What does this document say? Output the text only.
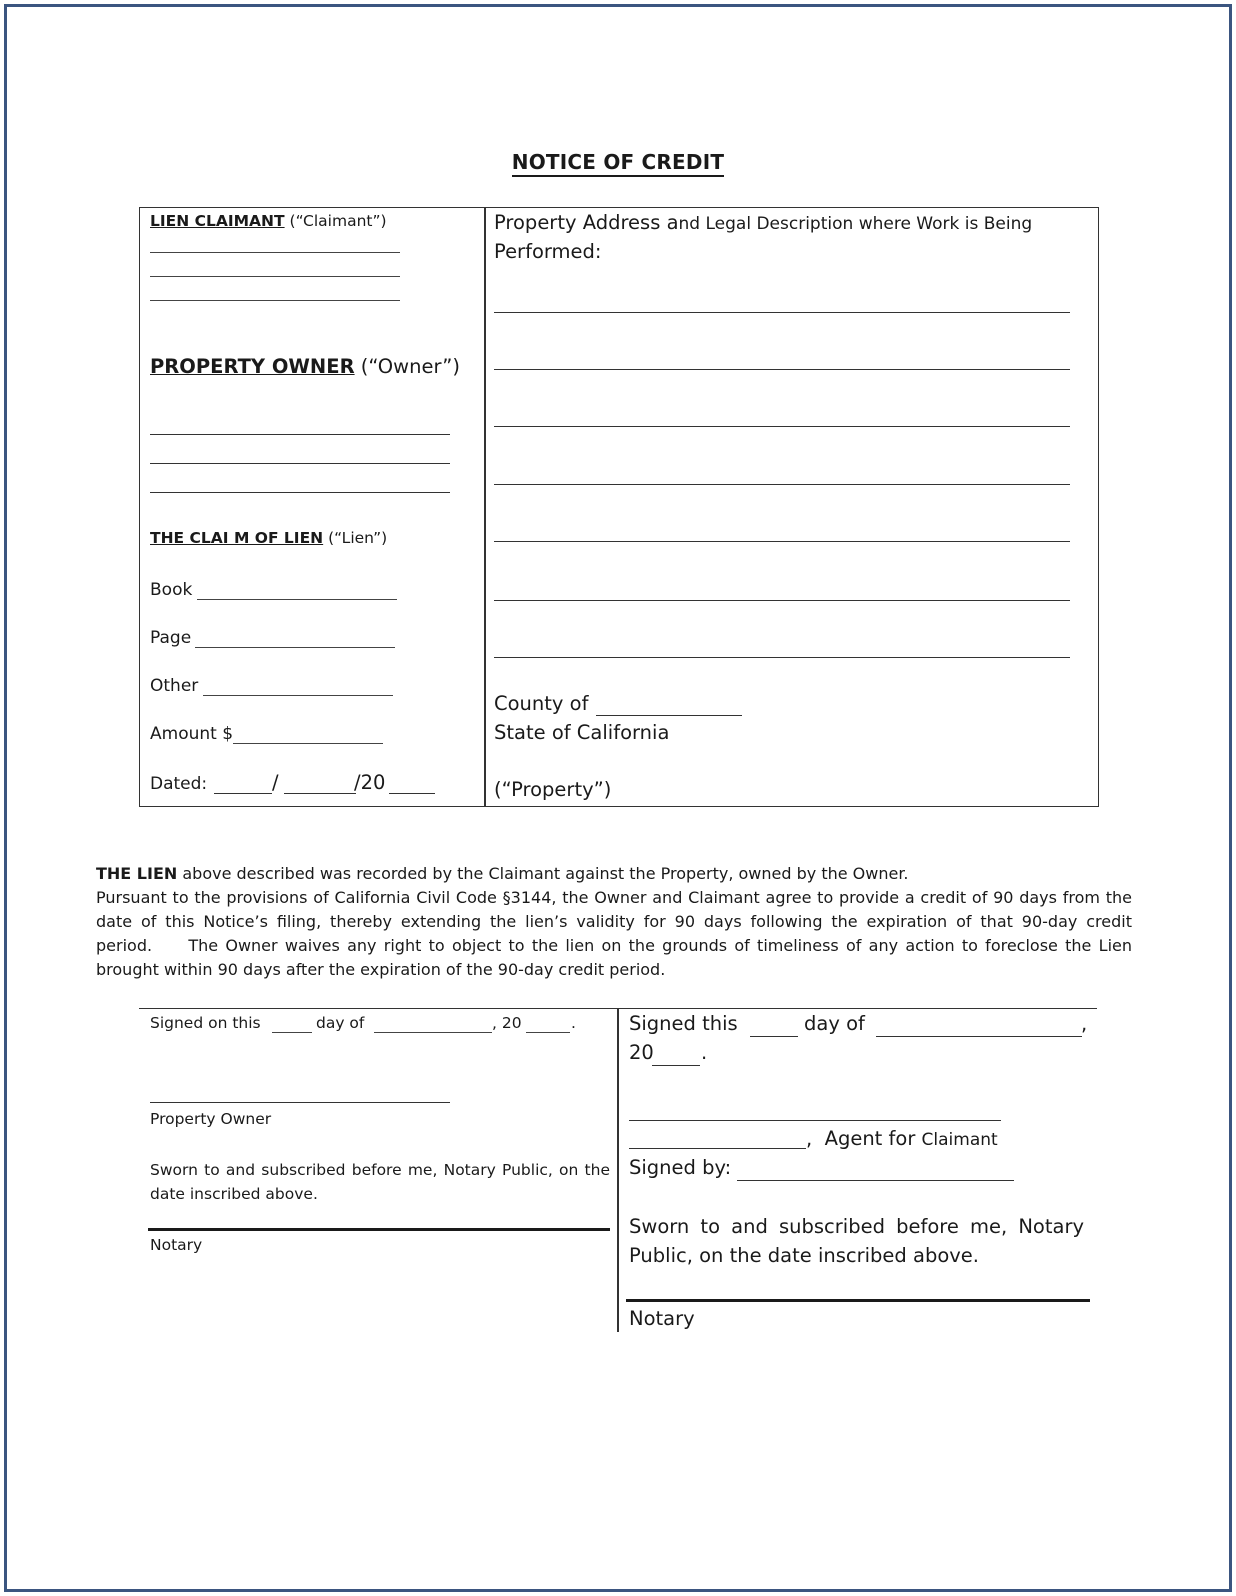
NOTICE OF CREDIT
LIEN CLAIMANT (“Claimant”)
PROPERTY OWNER (“Owner”)
THE CLAI M OF LIEN (“Lien”)
Book
Page
Other
Amount $
Dated:	/	/20
Property Address and Legal Description where Work is Being
Performed:
County of
State of California
(“Property”)
THE LIEN above described was recorded by the Claimant against the Property, owned by the Owner.
Pursuant to the provisions of California Civil Code §3144, the Owner and Claimant agree to provide a credit of 90 days from the date of this Notice’s filing, thereby extending the lien’s validity for 90 days following the expiration of that 90-day credit period.     The Owner waives any right to object to the lien on the grounds of timeliness of any action to foreclose the Lien brought within 90 days after the expiration of the 90-day credit period.
Signed on this	day of	, 20	.
Property Owner
Sworn to and subscribed before me, Notary Public, on the date inscribed above.
Notary
Signed this	day of	,
20 .
, Agent for Claimant
Signed by:
Sworn to and subscribed before me, Notary Public, on the date inscribed above.
Notary
